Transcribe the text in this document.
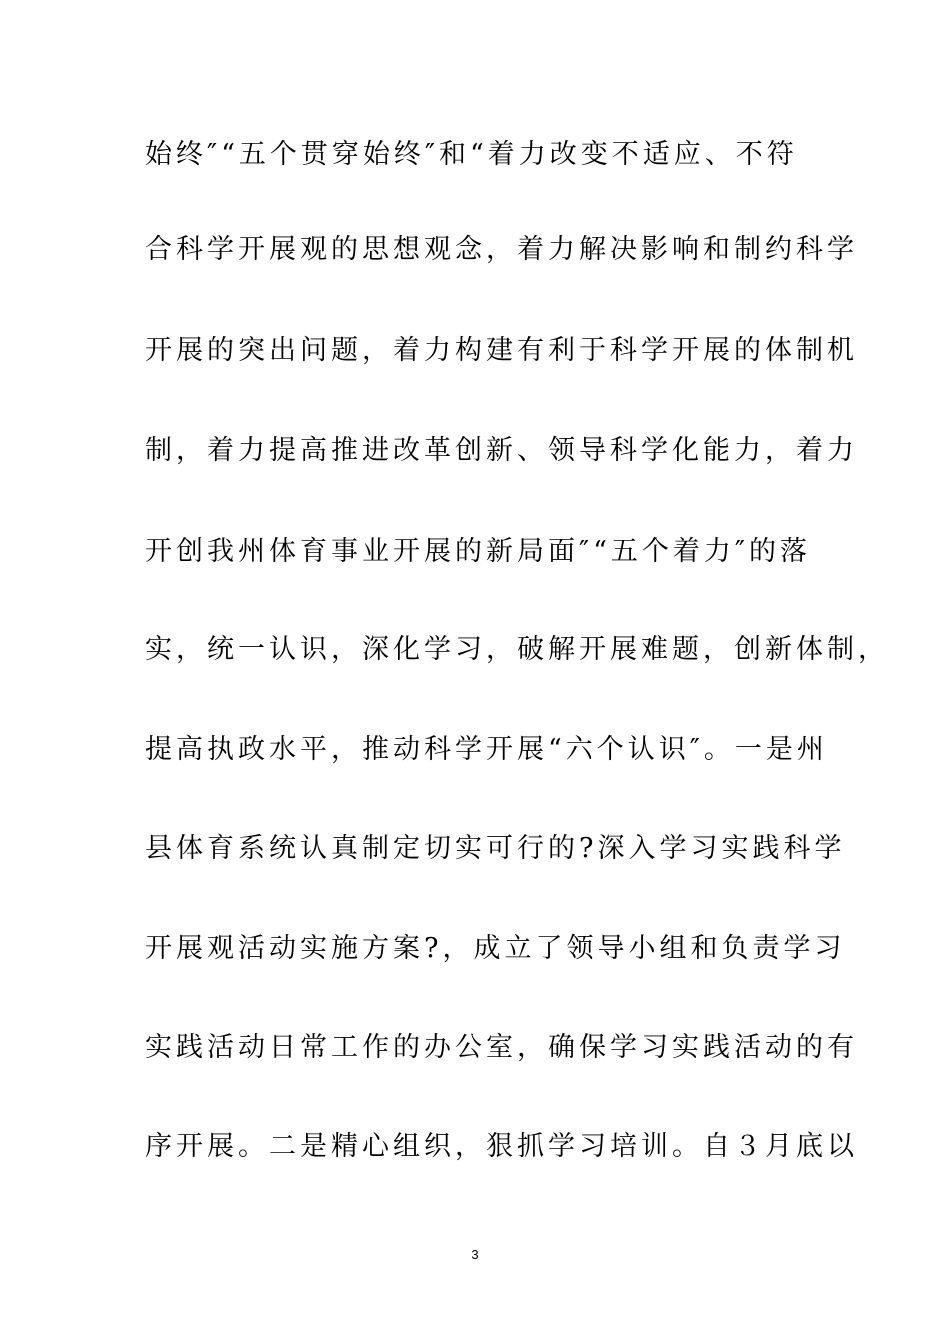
始终″“五个贯穿始终″和“着力改变不适应、不符
合科学开展观的思想观念，着力解决影响和制约科学
开展的突出问题，着力构建有利于科学开展的体制机
制，着力提高推进改革创新、领导科学化能力，着力
开创我州体育事业开展的新局面″“五个着力″的落
实，统一认识，深化学习，破解开展难题，创新体制，
提高执政水平，推动科学开展“六个认识″。一是州
县体育系统认真制定切实可行的?深入学习实践科学
开展观活动实施方案?，成立了领导小组和负责学习
实践活动日常工作的办公室，确保学习实践活动的有
序开展。二是精心组织，狠抓学习培训。自３月底以
3
